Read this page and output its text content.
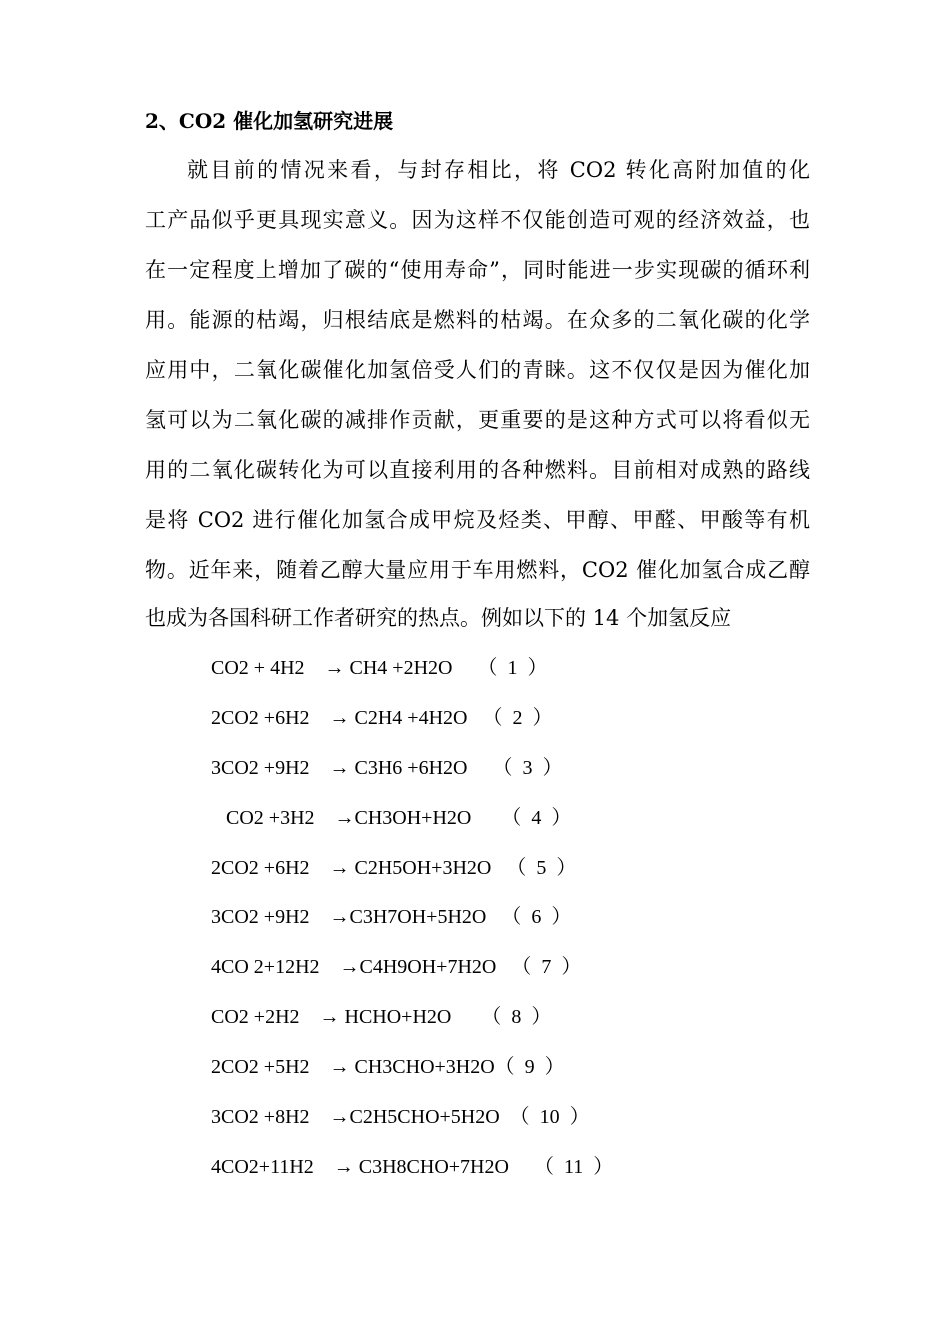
2、CO2 催化加氢研究进展
就目前的情况来看，与封存相比，将 CO2 转化高附加值的化
工产品似乎更具现实意义。因为这样不仅能创造可观的经济效益，也
在一定程度上增加了碳的“使用寿命”，同时能进一步实现碳的循环利
用。能源的枯竭，归根结底是燃料的枯竭。在众多的二氧化碳的化学
应用中，二氧化碳催化加氢倍受人们的青睐。这不仅仅是因为催化加
氢可以为二氧化碳的减排作贡献，更重要的是这种方式可以将看似无
用的二氧化碳转化为可以直接利用的各种燃料。目前相对成熟的路线
是将 CO2 进行催化加氢合成甲烷及烃类、甲醇、甲醛、甲酸等有机
物。近年来，随着乙醇大量应用于车用燃料，CO2 催化加氢合成乙醇
也成为各国科研工作者研究的热点。例如以下的 14 个加氢反应
CO2 + 4H2    → CH4 +2H2O     （  1  ）
2CO2 +6H2    → C2H4 +4H2O   （  2  ）
3CO2 +9H2    → C3H6 +6H2O     （  3  ）
CO2 +3H2    →CH3OH+H2O      （  4  ）
2CO2 +6H2    → C2H5OH+3H2O   （  5  ）
3CO2 +9H2    →C3H7OH+5H2O   （  6  ）
4CO 2+12H2    →C4H9OH+7H2O   （  7  ）
CO2 +2H2    → HCHO+H2O      （  8  ）
2CO2 +5H2    → CH3CHO+3H2O（  9  ）
3CO2 +8H2    →C2H5CHO+5H2O  （  10  ）
4CO2+11H2    → C3H8CHO+7H2O     （  11  ）
